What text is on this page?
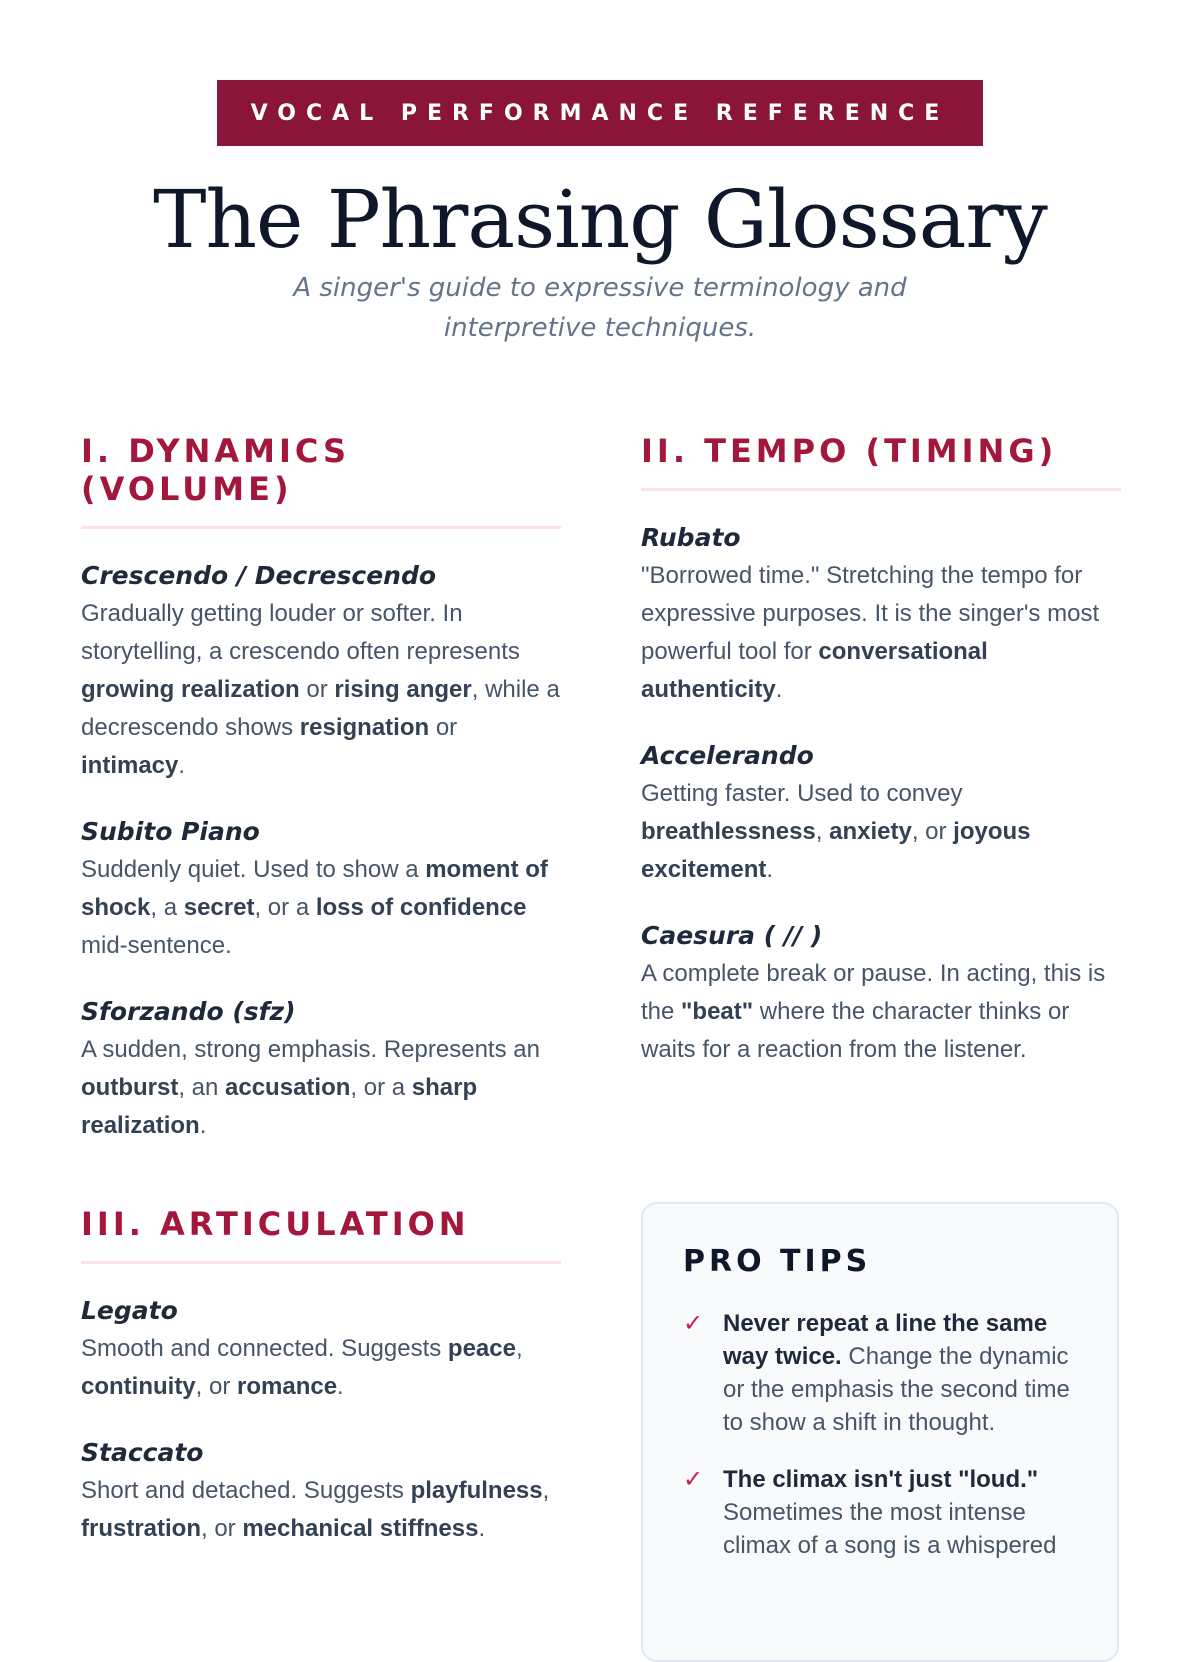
VOCAL PERFORMANCE REFERENCE
The Phrasing Glossary
A singer's guide to expressive terminology and interpretive techniques.
I. DYNAMICS (VOLUME)
Crescendo / Decrescendo
Gradually getting louder or softer. In storytelling, a crescendo often represents growing realization or rising anger, while a decrescendo shows resignation or intimacy.
Subito Piano
Suddenly quiet. Used to show a moment of shock, a secret, or a loss of confidence mid-sentence.
Sforzando (sfz)
A sudden, strong emphasis. Represents an outburst, an accusation, or a sharp realization.
II. TEMPO (TIMING)
Rubato
"Borrowed time." Stretching the tempo for expressive purposes. It is the singer's most powerful tool for conversational authenticity.
Accelerando
Getting faster. Used to convey breathlessness, anxiety, or joyous excitement.
Caesura ( // )
A complete break or pause. In acting, this is the "beat" where the character thinks or waits for a reaction from the listener.
III. ARTICULATION
Legato
Smooth and connected. Suggests peace, continuity, or romance.
Staccato
Short and detached. Suggests playfulness, frustration, or mechanical stiffness.
PRO TIPS
✓ Never repeat a line the same way twice. Change the dynamic or the emphasis the second time to show a shift in thought.
✓ The climax isn't just "loud." Sometimes the most intense climax of a song is a whispered
